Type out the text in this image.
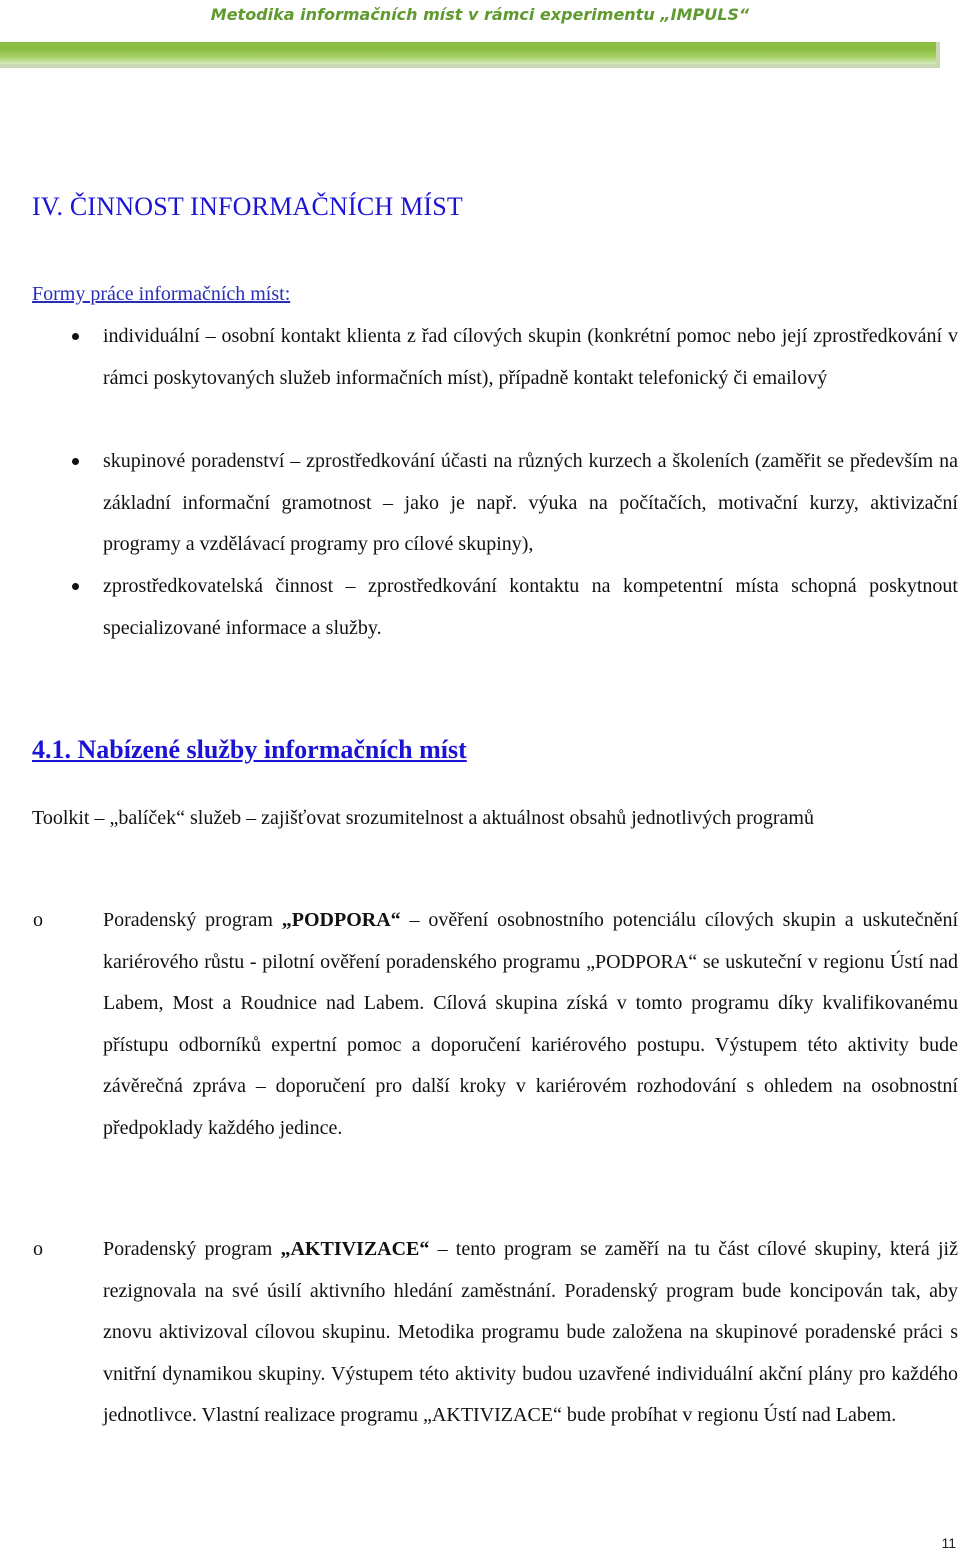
Metodika informačních míst v rámci experimentu „IMPULS“
IV. ČINNOST INFORMAČNÍCH MÍST
Formy práce informačních míst:
individuální – osobní kontakt klienta z řad cílových skupin (konkrétní pomoc nebo její zprostředkování v rámci poskytovaných služeb informačních míst), případně kontakt telefonický či emailový
skupinové poradenství – zprostředkování účasti na různých kurzech a školeních (zaměřit se především na základní informační gramotnost – jako je např. výuka na počítačích, motivační kurzy, aktivizační programy a vzdělávací programy pro cílové skupiny),
zprostředkovatelská činnost – zprostředkování kontaktu na kompetentní místa schopná poskytnout specializované informace a služby.
4.1. Nabízené služby informačních míst

Toolkit – „balíček“ služeb – zajišťovat srozumitelnost a aktuálnost obsahů jednotlivých programů

o	Poradenský program „PODPORA“ – ověření osobnostního potenciálu cílových skupin a uskutečnění kariérového růstu - pilotní ověření poradenského programu „PODPORA“ se uskuteční v regionu Ústí nad Labem, Most a Roudnice nad Labem. Cílová skupina získá v tomto programu díky kvalifikovanému přístupu odborníků expertní pomoc a doporučení kariérového postupu. Výstupem této aktivity bude závěrečná zpráva – doporučení pro další kroky v kariérovém rozhodování s ohledem na osobnostní předpoklady každého jedince.
o	Poradenský program „AKTIVIZACE“ – tento program se zaměří na tu část cílové skupiny, která již rezignovala na své úsilí aktivního hledání zaměstnání. Poradenský program bude koncipován tak, aby znovu aktivizoval cílovou skupinu. Metodika programu bude založena na skupinové poradenské práci s vnitřní dynamikou skupiny. Výstupem této aktivity budou uzavřené individuální akční plány pro každého jednotlivce. Vlastní realizace programu „AKTIVIZACE“ bude probíhat v regionu Ústí nad Labem.
11
